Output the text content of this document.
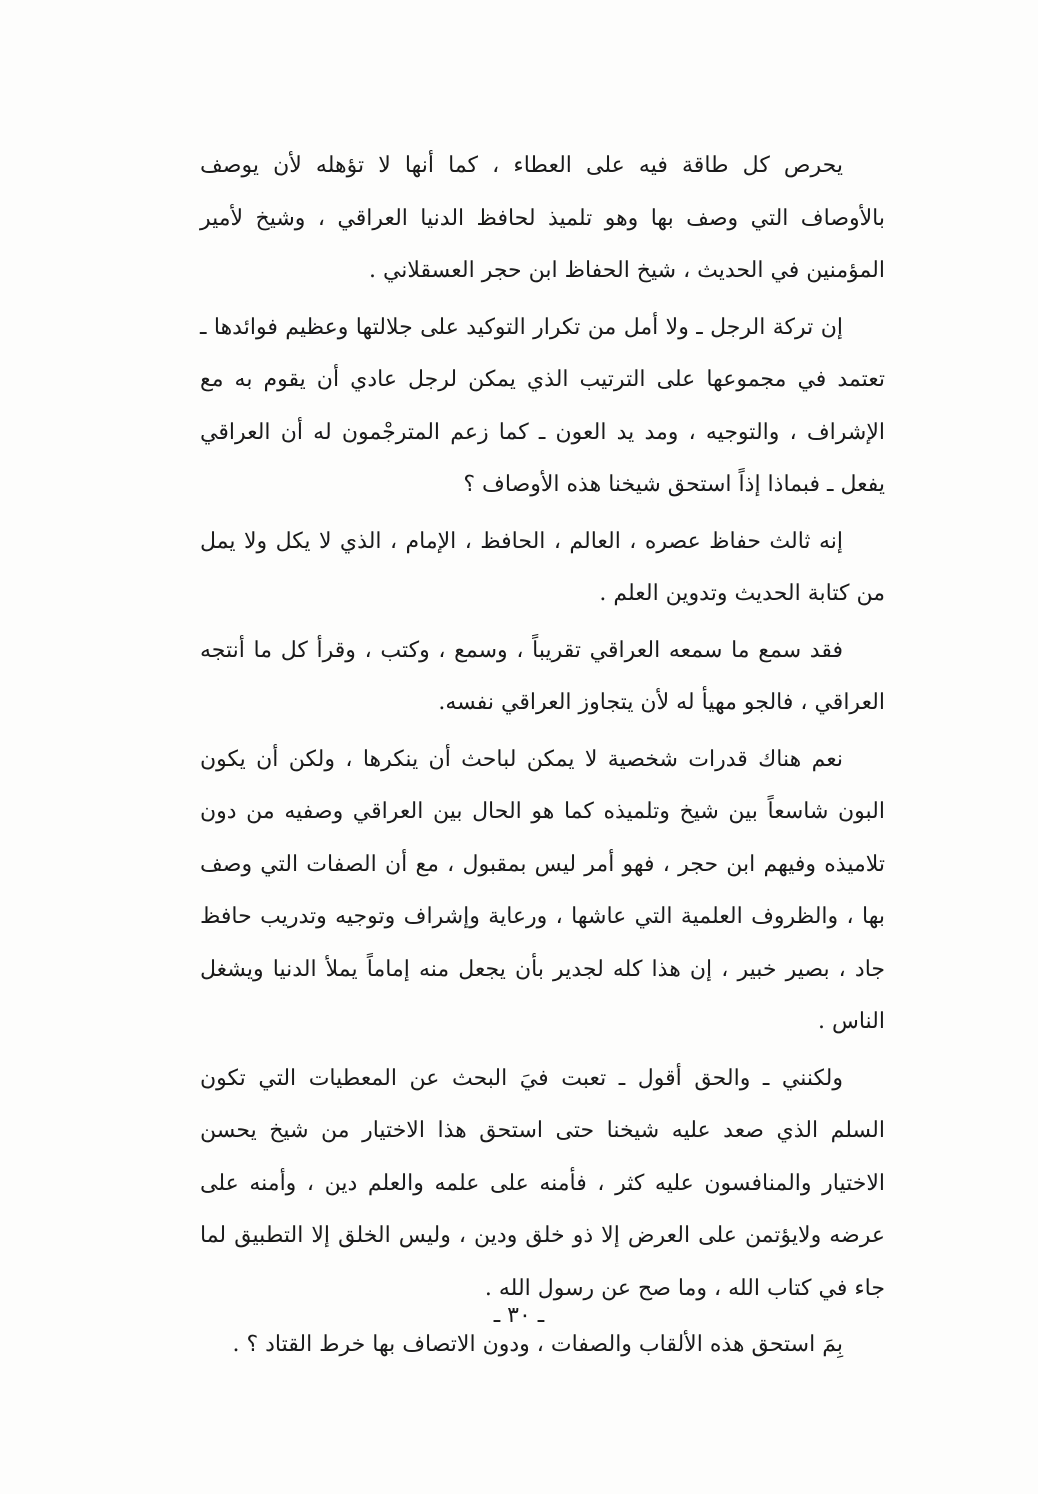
يحرص كل طاقة فيه على العطاء ، كما أنها لا تؤهله لأن يوصف بالأوصاف التي وصف بها وهو تلميذ لحافظ الدنيا العراقي ، وشيخ لأمير المؤمنين في الحديث ، شيخ الحفاظ ابن حجر العسقلاني .

إن تركة الرجل ـ ولا أمل من تكرار التوكيد على جلالتها وعظيم فوائدها ـ تعتمد في مجموعها على الترتيب الذي يمكن لرجل عادي أن يقوم به مع الإشراف ، والتوجيه ، ومد يد العون ـ كما زعم المترجْمون له أن العراقي يفعل ـ فبماذا إذاً استحق شيخنا هذه الأوصاف ؟

إنه ثالث حفاظ عصره ، العالم ، الحافظ ، الإمام ، الذي لا يكل ولا يمل من كتابة الحديث وتدوين العلم .

فقد سمع ما سمعه العراقي تقريباً ، وسمع ، وكتب ، وقرأ كل ما أنتجه العراقي ، فالجو مهيأ له لأن يتجاوز العراقي نفسه.

نعم هناك قدرات شخصية لا يمكن لباحث أن ينكرها ، ولكن أن يكون البون شاسعاً بين شيخ وتلميذه كما هو الحال بين العراقي وصفيه من دون تلاميذه وفيهم ابن حجر ، فهو أمر ليس بمقبول ، مع أن الصفات التي وصف بها ، والظروف العلمية التي عاشها ، ورعاية وإشراف وتوجيه وتدريب حافظ جاد ، بصير خبير ، إن هذا كله لجدير بأن يجعل منه إماماً يملأ الدنيا ويشغل الناس .

ولكنني ـ والحق أقول ـ تعبت فيَ البحث عن المعطيات التي تكون السلم الذي صعد عليه شيخنا حتى استحق هذا الاختيار من شيخ يحسن الاختيار والمنافسون عليه كثر ، فأمنه على علمه والعلم دين ، وأمنه على عرضه ولايؤتمن على العرض إلا ذو خلق ودين ، وليس الخلق إلا التطبيق لما جاء في كتاب الله ، وما صح عن رسول الله .

بِمَ استحق هذه الألقاب والصفات ، ودون الاتصاف بها خرط القتاد ؟ .

ـ ٣٠ ـ
